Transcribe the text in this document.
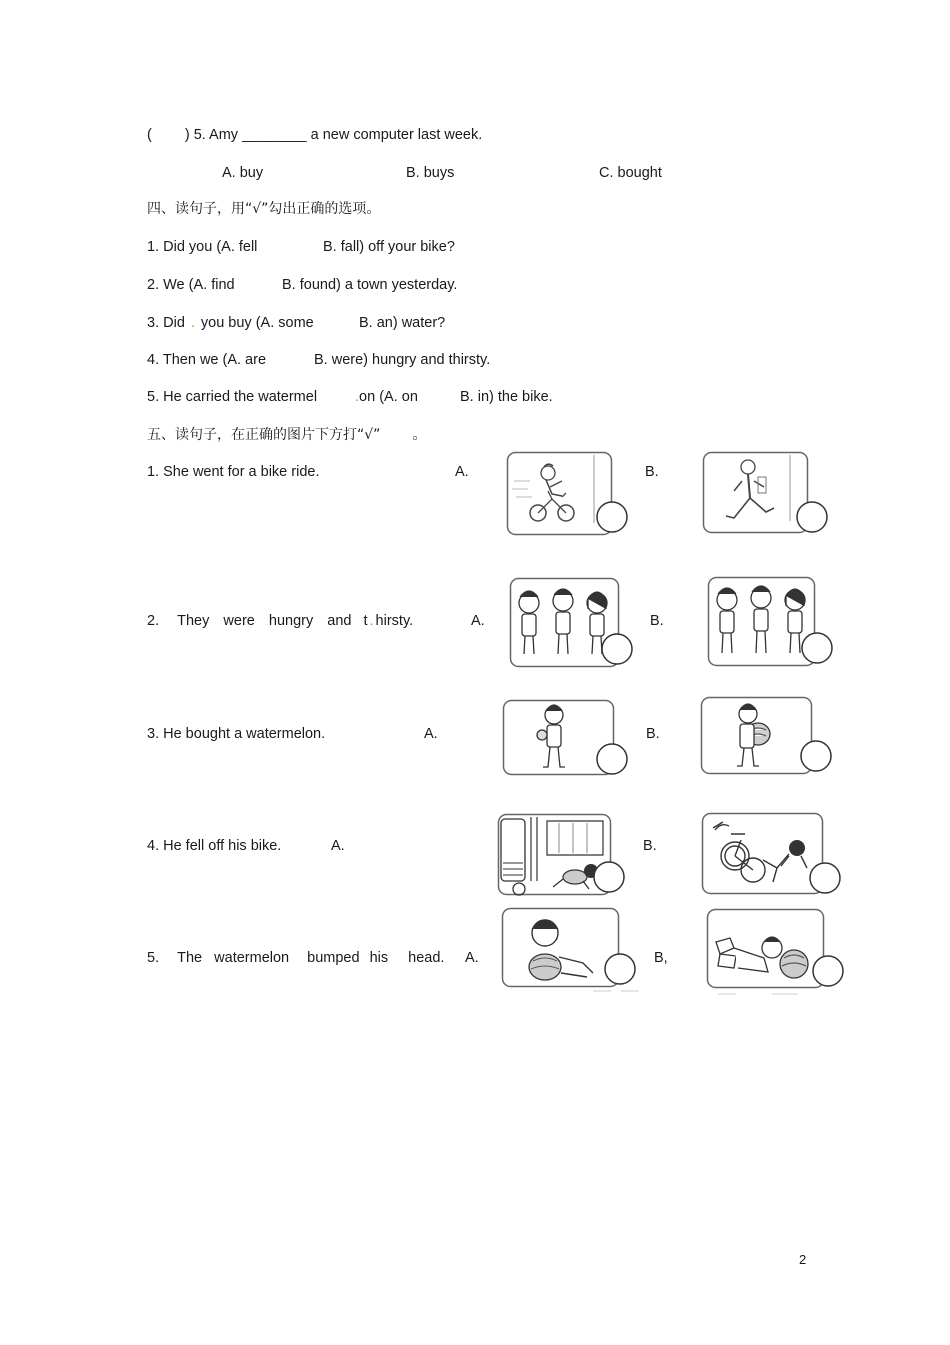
( ) 5. Amy ________ a new computer last week.
A. buy	B. buys	C. bought
四、读句子，用“√”勾出正确的选项。
1. Did you (A. fell	B. fall) off your bike?
2. We (A. find	B. found) a town yesterday.
3. Did . you buy (A. some	B. an) water?
4. Then we (A. are	B. were) hungry and thirsty.
5. He carried the watermel	.on (A. on	B. in) the bike.
五、读句子，在正确的图片下方打“√” 。
1. She went for a bike ride.	A.	B.
2. They were hungry and t . hirsty.	A.	B.
3. He bought a watermelon.	A.	B.
4. He fell off his bike.	A.	B.
5. The watermelon bumped his head. A.	B,
2
